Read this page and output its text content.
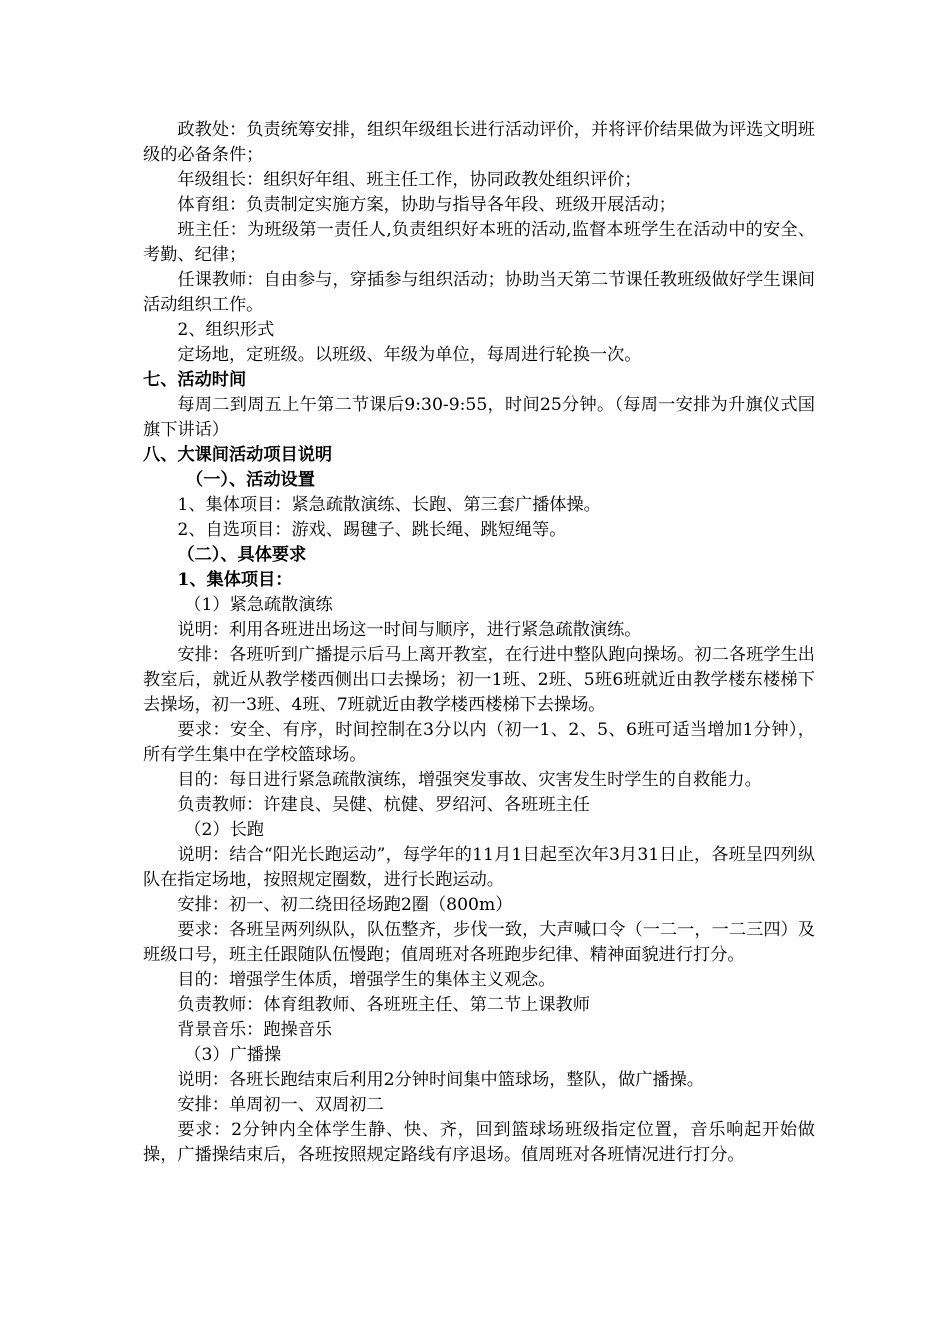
政教处：负责统筹安排，组织年级组长进行活动评价，并将评价结果做为评选文明班级的必备条件；

年级组长：组织好年组、班主任工作，协同政教处组织评价；

体育组：负责制定实施方案，协助与指导各年段、班级开展活动；

班主任：为班级第一责任人,负责组织好本班的活动,监督本班学生在活动中的安全、考勤、纪律；

任课教师：自由参与，穿插参与组织活动；协助当天第二节课任教班级做好学生课间活动组织工作。

2、组织形式

定场地，定班级。以班级、年级为单位，每周进行轮换一次。

七、活动时间

每周二到周五上午第二节课后9:30-9:55，时间25分钟。（每周一安排为升旗仪式国旗下讲话）

八、大课间活动项目说明

（一）、活动设置

1、集体项目：紧急疏散演练、长跑、第三套广播体操。

2、自选项目：游戏、踢毽子、跳长绳、跳短绳等。

（二）、具体要求

1、集体项目：

（1）紧急疏散演练

说明：利用各班进出场这一时间与顺序，进行紧急疏散演练。

安排：各班听到广播提示后马上离开教室，在行进中整队跑向操场。初二各班学生出教室后，就近从教学楼西侧出口去操场；初一1班、2班、5班6班就近由教学楼东楼梯下去操场，初一3班、4班、7班就近由教学楼西楼梯下去操场。

要求：安全、有序，时间控制在3分以内（初一1、2、5、6班可适当增加1分钟），所有学生集中在学校篮球场。

目的：每日进行紧急疏散演练，增强突发事故、灾害发生时学生的自救能力。

负责教师：许建良、吴健、杭健、罗绍河、各班班主任

（2）长跑

说明：结合“阳光长跑运动”，每学年的11月1日起至次年3月31日止，各班呈四列纵队在指定场地，按照规定圈数，进行长跑运动。

安排：初一、初二绕田径场跑2圈（800m）

要求：各班呈两列纵队，队伍整齐，步伐一致，大声喊口令（一二一，一二三四）及班级口号，班主任跟随队伍慢跑；值周班对各班跑步纪律、精神面貌进行打分。

目的：增强学生体质，增强学生的集体主义观念。

负责教师：体育组教师、各班班主任、第二节上课教师

背景音乐：跑操音乐

（3）广播操

说明：各班长跑结束后利用2分钟时间集中篮球场，整队，做广播操。

安排：单周初一、双周初二

要求：2分钟内全体学生静、快、齐，回到篮球场班级指定位置，音乐响起开始做操，广播操结束后，各班按照规定路线有序退场。值周班对各班情况进行打分。
